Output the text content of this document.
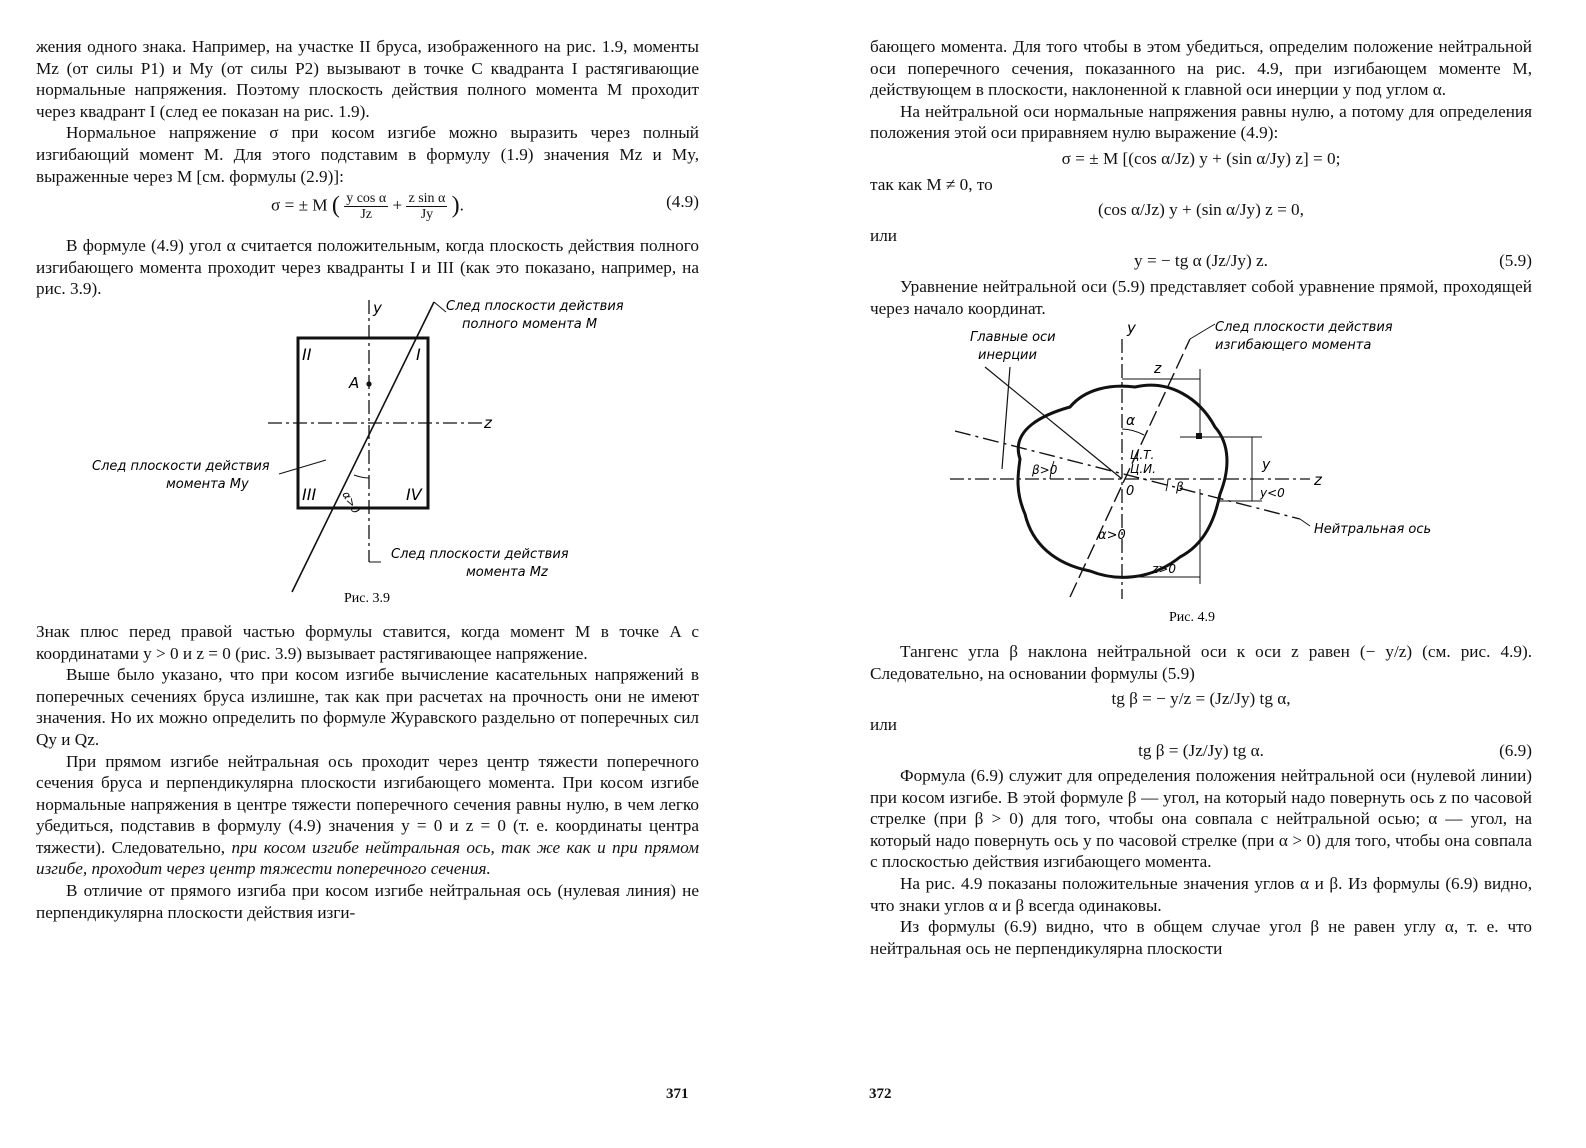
жения одного знака. Например, на участке II бруса, изображенного на рис. 1.9, моменты Mz (от силы P1) и My (от силы P2) вызывают в точке C квадранта I растягивающие нормальные напряжения. Поэтому плоскость действия полного момента M проходит через квадрант I (след ее показан на рис. 1.9).

Нормальное напряжение σ при косом изгибе можно выразить через полный изгибающий момент M. Для этого подставим в формулу (1.9) значения Mz и My, выраженные через M [см. формулы (2.9)]:

σ = ± M ( $\frac{\text{y cos α}}{Jz} + \frac{\text{z sin α}}{Jy}$ ).	(4.9)

В формуле (4.9) угол α считается положительным, когда плоскость действия полного изгибающего момента проходит через квадранты I и III (как это показано, например, на рис. 3.9).

y
z
A
I
II
III	IV
α>0
След плоскости действия
полного момента M
След плоскости действия
момента My
След плоскости действия
момента Mz
Рис. 3.9

Знак плюс перед правой частью формулы ставится, когда момент M в точке A с координатами y > 0 и z = 0 (рис. 3.9) вызывает растягивающее напряжение.

Выше было указано, что при косом изгибе вычисление касательных напряжений в поперечных сечениях бруса излишне, так как при расчетах на прочность они не имеют значения. Но их можно определить по формуле Журавского раздельно от поперечных сил Qy и Qz.

При прямом изгибе нейтральная ось проходит через центр тяжести поперечного сечения бруса и перпендикулярна плоскости изгибающего момента. При косом изгибе нормальные напряжения в центре тяжести поперечного сечения равны нулю, в чем легко убедиться, подставив в формулу (4.9) значения y = 0 и z = 0 (т. е. координаты центра тяжести). Следовательно, при косом изгибе нейтральная ось, так же как и при прямом изгибе, проходит через центр тяжести поперечного сечения.

В отличие от прямого изгиба при косом изгибе нейтральная ось (нулевая линия) не перпендикулярна плоскости действия изги-

371

бающего момента. Для того чтобы в этом убедиться, определим положение нейтральной оси поперечного сечения, показанного на рис. 4.9, при изгибающем моменте M, действующем в плоскости, наклоненной к главной оси инерции y под углом α.

На нейтральной оси нормальные напряжения равны нулю, а потому для определения положения этой оси приравняем нулю выражение (4.9):

σ = ± M [(cos α/Jz) y + (sin α/Jy) z] = 0;

так как M ≠ 0, то

(cos α/Jz) y + (sin α/Jy) z = 0,

или

y = − tg α (Jz/Jy) z.	(5.9)

Уравнение нейтральной оси (5.9) представляет собой уравнение прямой, проходящей через начало координат.

Главные оси
инерции
y	След плоскости действия
изгибающего момента
z
α
Ц.Т.
Ц.И.
0
β>0
β
y
y<0
z
Нейтральная ось
α>0
z>0
Рис. 4.9

Тангенс угла β наклона нейтральной оси к оси z равен (− y/z) (см. рис. 4.9). Следовательно, на основании формулы (5.9)

tg β = − y/z = (Jz/Jy) tg α,

или

tg β = (Jz/Jy) tg α.	(6.9)

Формула (6.9) служит для определения положения нейтральной оси (нулевой линии) при косом изгибе. В этой формуле β — угол, на который надо повернуть ось z по часовой стрелке (при β > 0) для того, чтобы она совпала с нейтральной осью; α — угол, на который надо повернуть ось y по часовой стрелке (при α > 0) для того, чтобы она совпала с плоскостью действия изгибающего момента.

На рис. 4.9 показаны положительные значения углов α и β. Из формулы (6.9) видно, что знаки углов α и β всегда одинаковы.

Из формулы (6.9) видно, что в общем случае угол β не равен углу α, т. е. что нейтральная ось не перпендикулярна плоскости

372
